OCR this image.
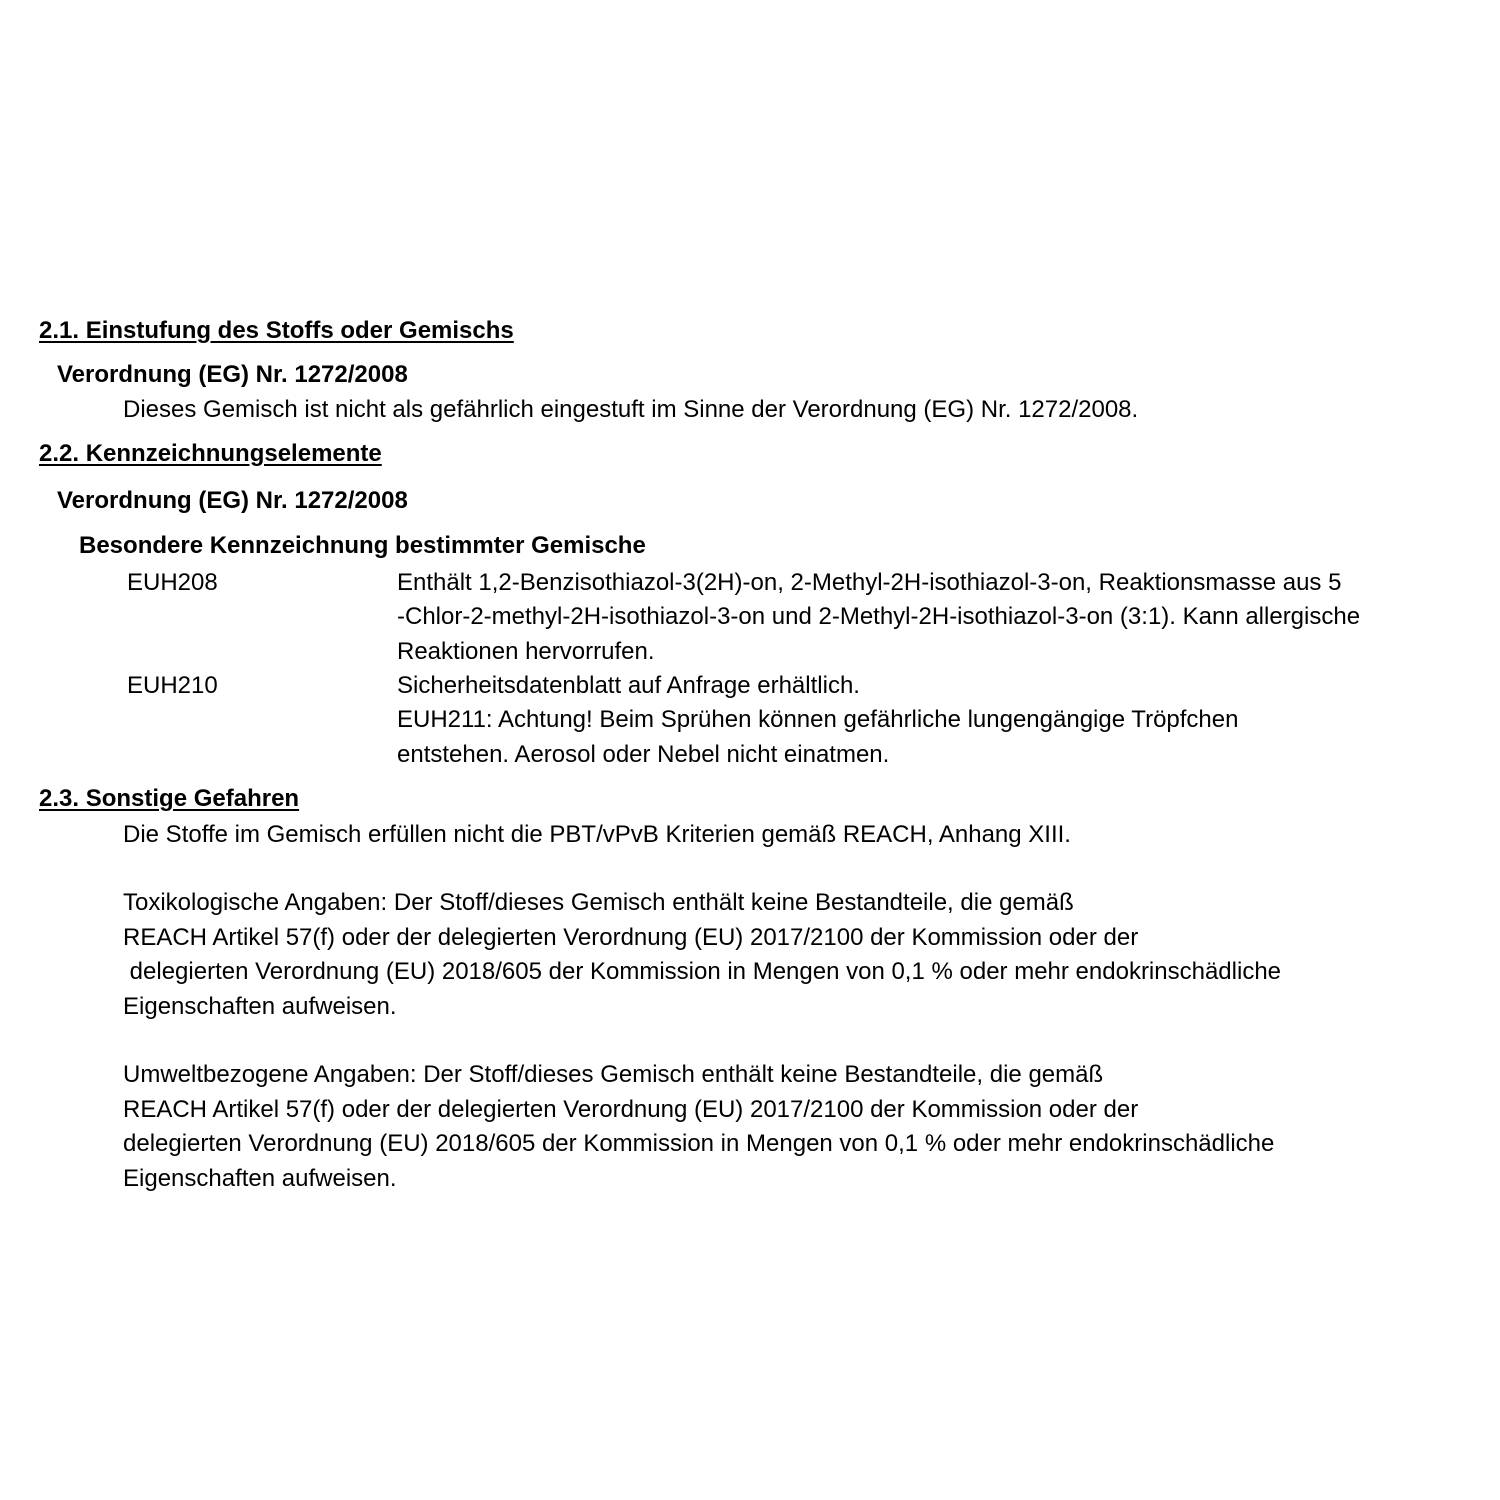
2.1. Einstufung des Stoffs oder Gemischs
Verordnung (EG) Nr. 1272/2008
Dieses Gemisch ist nicht als gefährlich eingestuft im Sinne der Verordnung (EG) Nr. 1272/2008.
2.2. Kennzeichnungselemente
Verordnung (EG) Nr. 1272/2008
Besondere Kennzeichnung bestimmter Gemische
EUH208	Enthält 1,2-Benzisothiazol-3(2H)-on, 2-Methyl-2H-isothiazol-3-on, Reaktionsmasse aus 5
-Chlor-2-methyl-2H-isothiazol-3-on und 2-Methyl-2H-isothiazol-3-on (3:1). Kann allergische
Reaktionen hervorrufen.
EUH210	Sicherheitsdatenblatt auf Anfrage erhältlich.
EUH211: Achtung! Beim Sprühen können gefährliche lungengängige Tröpfchen
entstehen. Aerosol oder Nebel nicht einatmen.
2.3. Sonstige Gefahren
Die Stoffe im Gemisch erfüllen nicht die PBT/vPvB Kriterien gemäß REACH, Anhang XIII.
Toxikologische Angaben: Der Stoff/dieses Gemisch enthält keine Bestandteile, die gemäß
REACH Artikel 57(f) oder der delegierten Verordnung (EU) 2017/2100 der Kommission oder der
delegierten Verordnung (EU) 2018/605 der Kommission in Mengen von 0,1 % oder mehr endokrinschädliche
Eigenschaften aufweisen.
Umweltbezogene Angaben: Der Stoff/dieses Gemisch enthält keine Bestandteile, die gemäß
REACH Artikel 57(f) oder der delegierten Verordnung (EU) 2017/2100 der Kommission oder der
delegierten Verordnung (EU) 2018/605 der Kommission in Mengen von 0,1 % oder mehr endokrinschädliche
Eigenschaften aufweisen.
